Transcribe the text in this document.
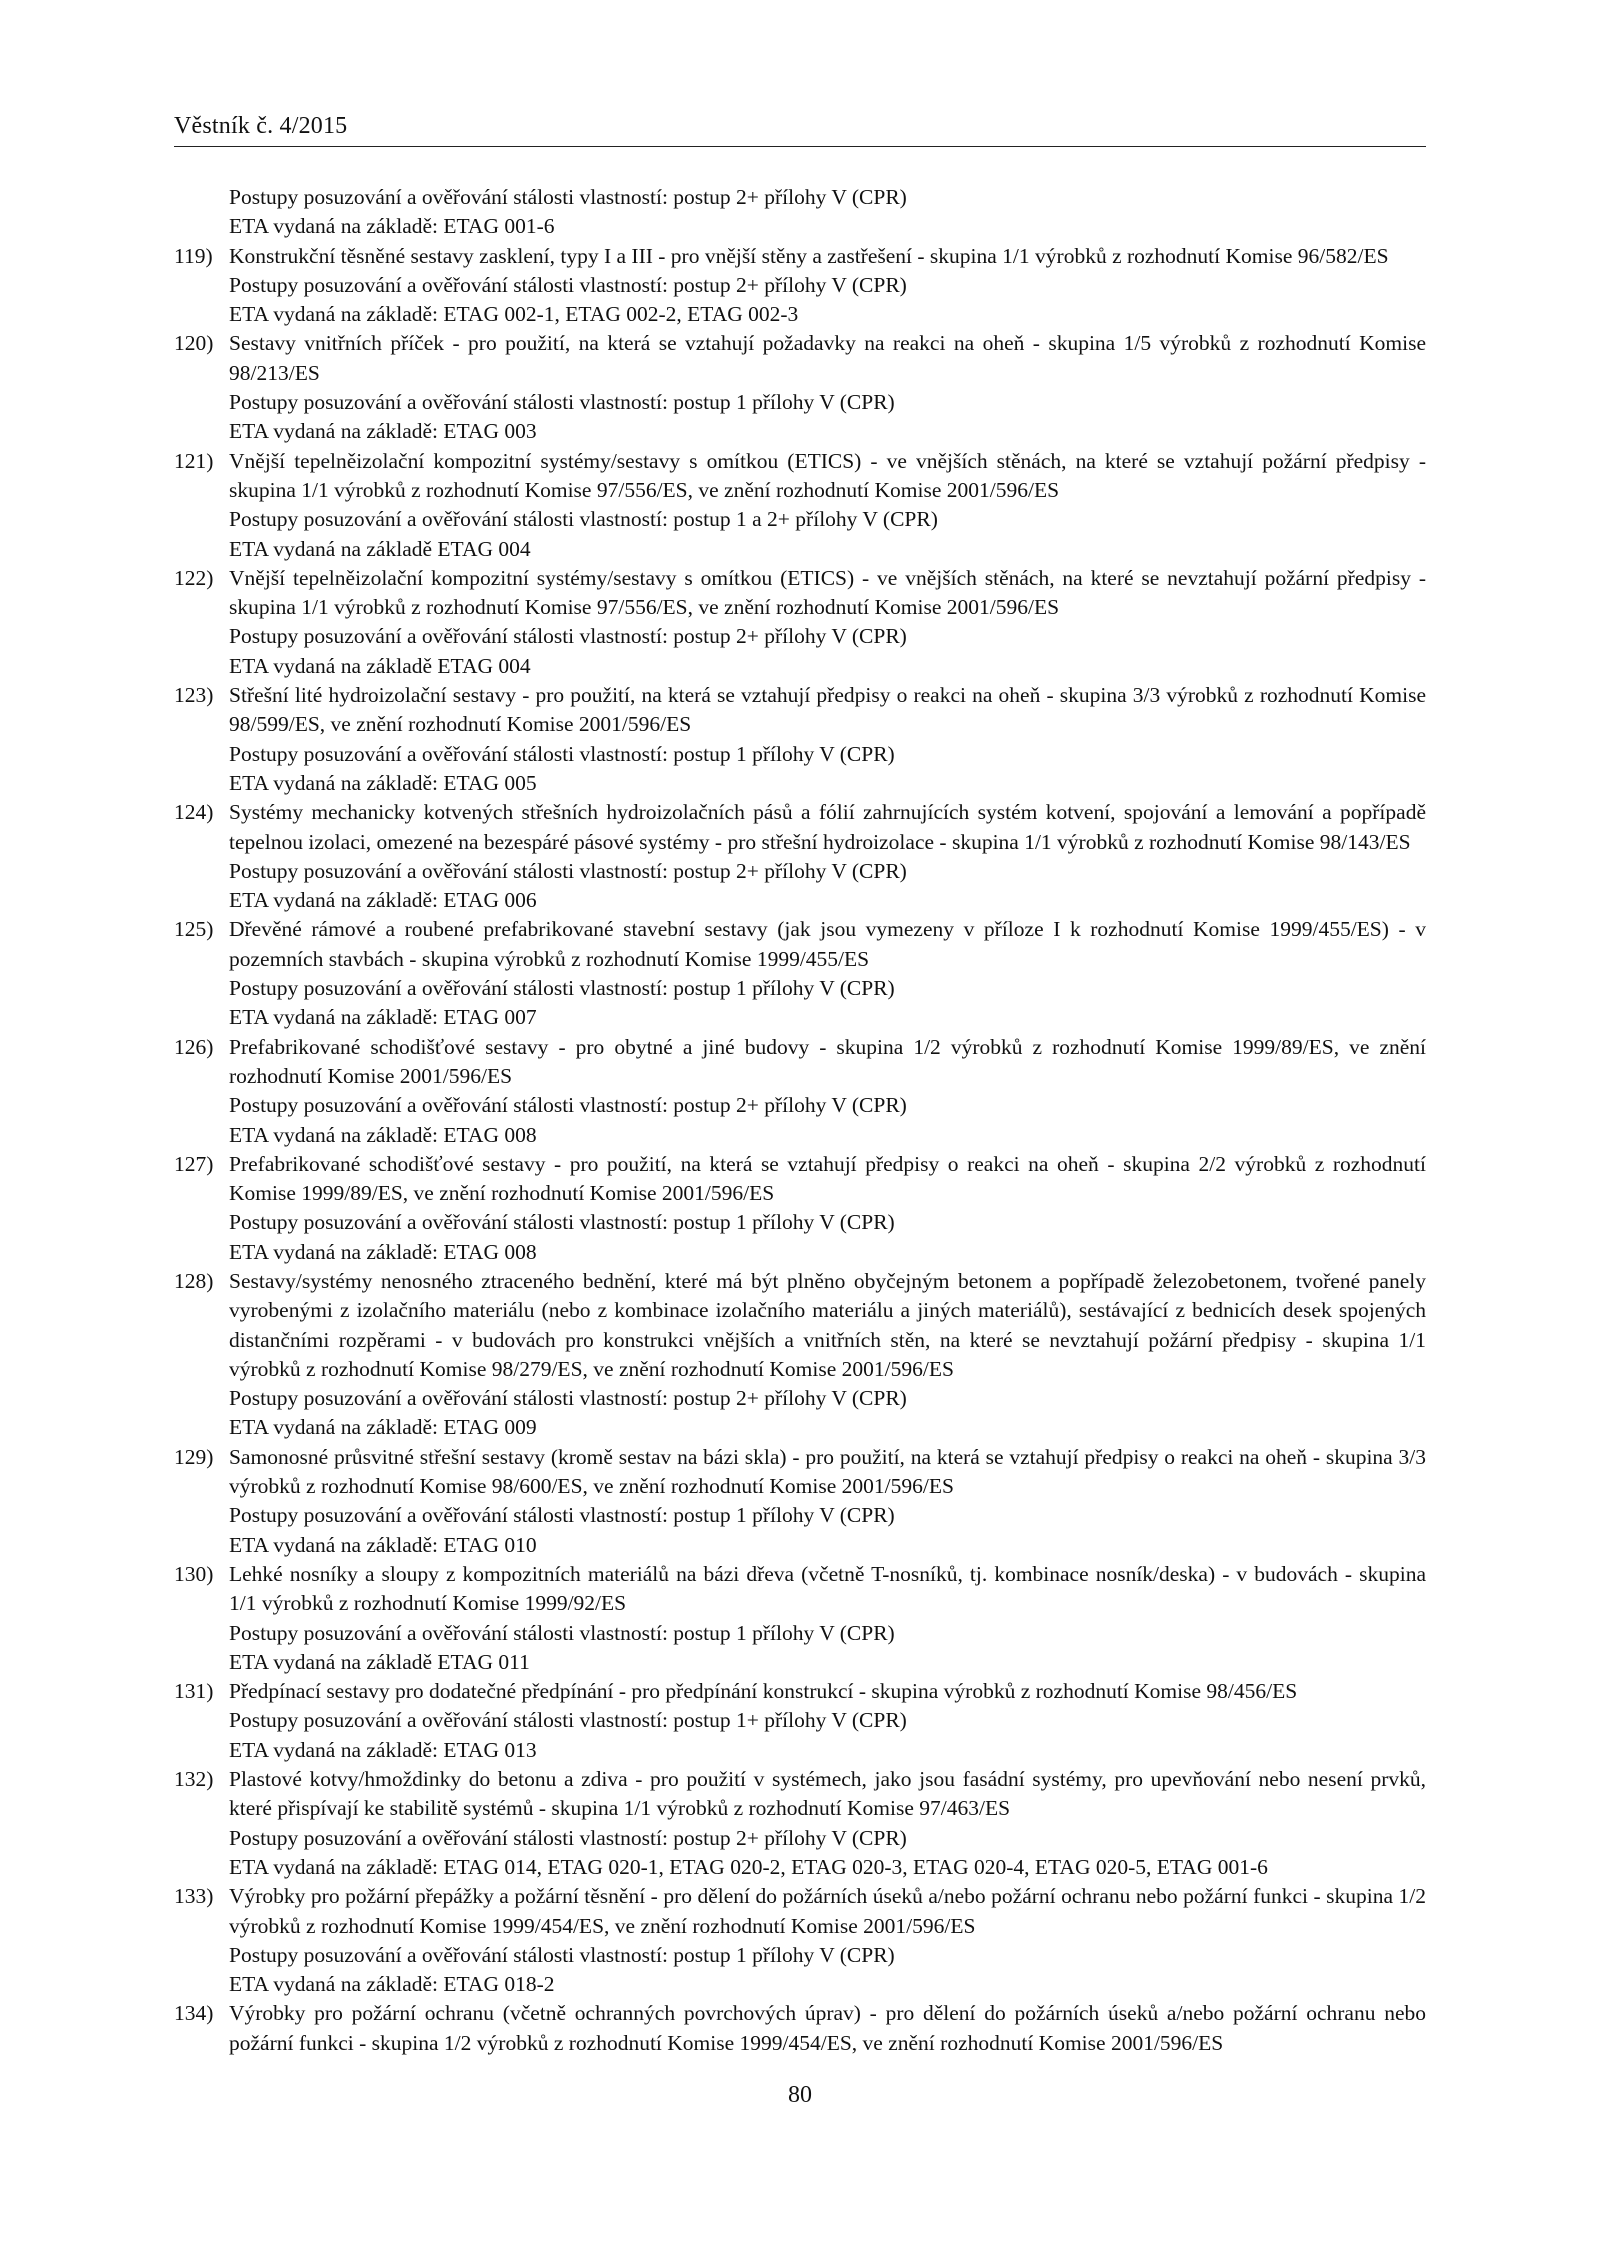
Věstník č. 4/2015
Postupy posuzování a ověřování stálosti vlastností: postup 2+ přílohy V (CPR)
ETA vydaná na základě: ETAG 001-6
119) Konstrukční těsněné sestavy zasklení, typy I a III - pro vnější stěny a zastřešení - skupina 1/1 výrobků z rozhodnutí Komise 96/582/ES
Postupy posuzování a ověřování stálosti vlastností: postup 2+ přílohy V (CPR)
ETA vydaná na základě: ETAG 002-1, ETAG 002-2, ETAG 002-3
120) Sestavy vnitřních příček - pro použití, na která se vztahují požadavky na reakci na oheň - skupina 1/5 výrobků z rozhodnutí Komise 98/213/ES
Postupy posuzování a ověřování stálosti vlastností: postup 1 přílohy V (CPR)
ETA vydaná na základě: ETAG 003
121) Vnější tepelněizolační kompozitní systémy/sestavy s omítkou (ETICS) - ve vnějších stěnách, na které se vztahují požární předpisy - skupina 1/1 výrobků z rozhodnutí Komise 97/556/ES, ve znění rozhodnutí Komise 2001/596/ES
Postupy posuzování a ověřování stálosti vlastností: postup 1 a 2+ přílohy V (CPR)
ETA vydaná na základě ETAG 004
122) Vnější tepelněizolační kompozitní systémy/sestavy s omítkou (ETICS) - ve vnějších stěnách, na které se nevztahují požární předpisy - skupina 1/1 výrobků z rozhodnutí Komise 97/556/ES, ve znění rozhodnutí Komise 2001/596/ES
Postupy posuzování a ověřování stálosti vlastností: postup 2+ přílohy V (CPR)
ETA vydaná na základě ETAG 004
123) Střešní lité hydroizolační sestavy - pro použití, na která se vztahují předpisy o reakci na oheň - skupina 3/3 výrobků z rozhodnutí Komise 98/599/ES, ve znění rozhodnutí Komise 2001/596/ES
Postupy posuzování a ověřování stálosti vlastností: postup 1 přílohy V (CPR)
ETA vydaná na základě: ETAG 005
124) Systémy mechanicky kotvených střešních hydroizolačních pásů a fólií zahrnujících systém kotvení, spojování a lemování a popřípadě tepelnou izolaci, omezené na bezespáré pásové systémy - pro střešní hydroizolace - skupina 1/1 výrobků z rozhodnutí Komise 98/143/ES
Postupy posuzování a ověřování stálosti vlastností: postup 2+ přílohy V (CPR)
ETA vydaná na základě: ETAG 006
125) Dřevěné rámové a roubené prefabrikované stavební sestavy (jak jsou vymezeny v příloze I k rozhodnutí Komise 1999/455/ES) - v pozemních stavbách - skupina výrobků z rozhodnutí Komise 1999/455/ES
Postupy posuzování a ověřování stálosti vlastností: postup 1 přílohy V (CPR)
ETA vydaná na základě: ETAG 007
126) Prefabrikované schodišťové sestavy - pro obytné a jiné budovy - skupina 1/2 výrobků z rozhodnutí Komise 1999/89/ES, ve znění rozhodnutí Komise 2001/596/ES
Postupy posuzování a ověřování stálosti vlastností: postup 2+ přílohy V (CPR)
ETA vydaná na základě: ETAG 008
127) Prefabrikované schodišťové sestavy - pro použití, na která se vztahují předpisy o reakci na oheň - skupina 2/2 výrobků z rozhodnutí Komise 1999/89/ES, ve znění rozhodnutí Komise 2001/596/ES
Postupy posuzování a ověřování stálosti vlastností: postup 1 přílohy V (CPR)
ETA vydaná na základě: ETAG 008
128) Sestavy/systémy nenosného ztraceného bednění, které má být plněno obyčejným betonem a popřípadě železobetonem, tvořené panely vyrobenými z izolačního materiálu (nebo z kombinace izolačního materiálu a jiných materiálů), sestávající z bednicích desek spojených distančními rozpěrami - v budovách pro konstrukci vnějších a vnitřních stěn, na které se nevztahují požární předpisy - skupina 1/1 výrobků z rozhodnutí Komise 98/279/ES, ve znění rozhodnutí Komise 2001/596/ES
Postupy posuzování a ověřování stálosti vlastností: postup 2+ přílohy V (CPR)
ETA vydaná na základě: ETAG 009
129) Samonosné průsvitné střešní sestavy (kromě sestav na bázi skla) - pro použití, na která se vztahují předpisy o reakci na oheň - skupina 3/3 výrobků z rozhodnutí Komise 98/600/ES, ve znění rozhodnutí Komise 2001/596/ES
Postupy posuzování a ověřování stálosti vlastností: postup 1 přílohy V (CPR)
ETA vydaná na základě: ETAG 010
130) Lehké nosníky a sloupy z kompozitních materiálů na bázi dřeva (včetně T-nosníků, tj. kombinace nosník/deska) - v budovách - skupina 1/1 výrobků z rozhodnutí Komise 1999/92/ES
Postupy posuzování a ověřování stálosti vlastností: postup 1 přílohy V (CPR)
ETA vydaná na základě ETAG 011
131) Předpínací sestavy pro dodatečné předpínání - pro předpínání konstrukcí - skupina výrobků z rozhodnutí Komise 98/456/ES
Postupy posuzování a ověřování stálosti vlastností: postup 1+ přílohy V (CPR)
ETA vydaná na základě: ETAG 013
132) Plastové kotvy/hmoždinky do betonu a zdiva - pro použití v systémech, jako jsou fasádní systémy, pro upevňování nebo nesení prvků, které přispívají ke stabilitě systémů - skupina 1/1 výrobků z rozhodnutí Komise 97/463/ES
Postupy posuzování a ověřování stálosti vlastností: postup 2+ přílohy V (CPR)
ETA vydaná na základě: ETAG 014, ETAG 020-1, ETAG 020-2, ETAG 020-3, ETAG 020-4, ETAG 020-5, ETAG 001-6
133) Výrobky pro požární přepážky a požární těsnění - pro dělení do požárních úseků a/nebo požární ochranu nebo požární funkci - skupina 1/2 výrobků z rozhodnutí Komise 1999/454/ES, ve znění rozhodnutí Komise 2001/596/ES
Postupy posuzování a ověřování stálosti vlastností: postup 1 přílohy V (CPR)
ETA vydaná na základě: ETAG 018-2
134) Výrobky pro požární ochranu (včetně ochranných povrchových úprav) - pro dělení do požárních úseků a/nebo požární ochranu nebo požární funkci - skupina 1/2 výrobků z rozhodnutí Komise 1999/454/ES, ve znění rozhodnutí Komise 2001/596/ES
80
